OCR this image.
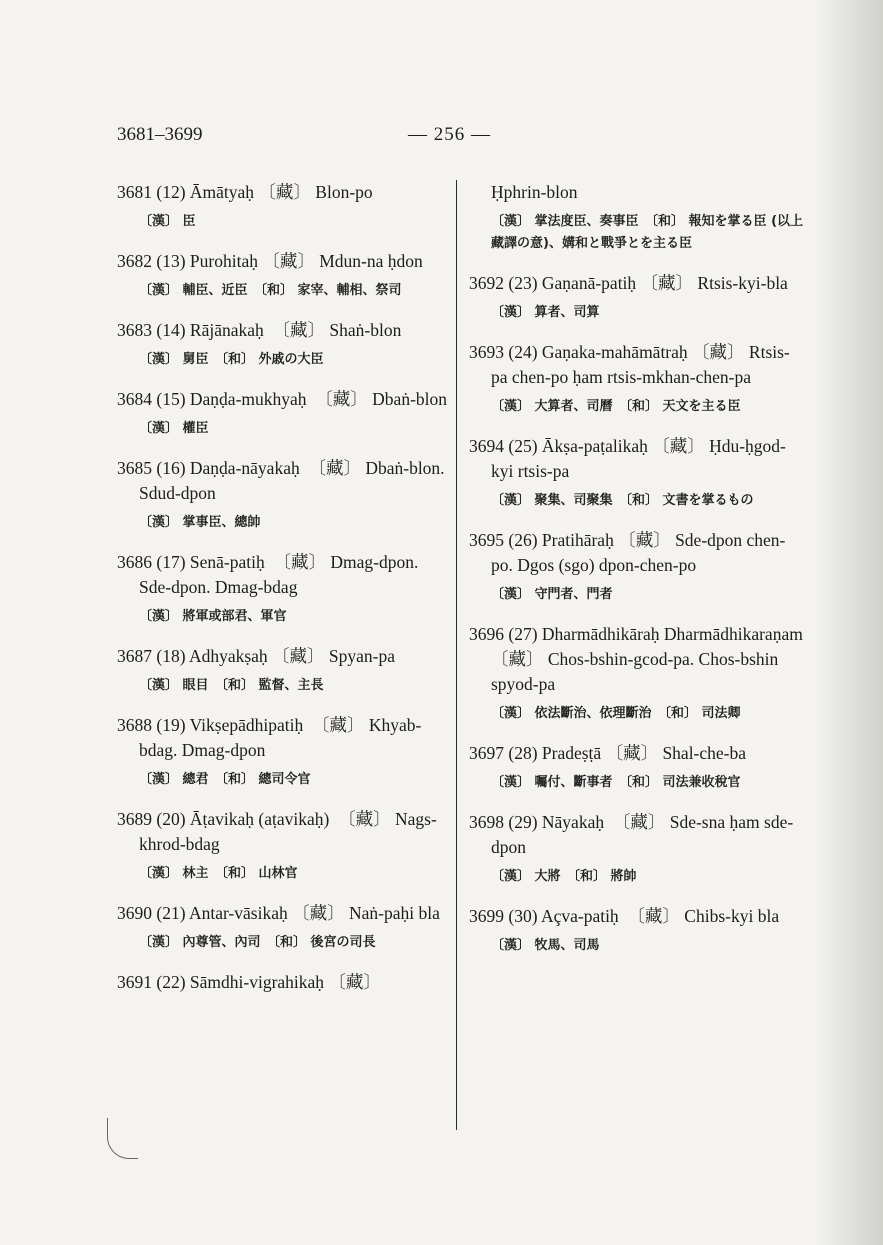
3681–3699	— 256 —
3681 (12) Āmātyaḥ 〔藏〕 Blon-po
〔漢〕 臣
3682 (13) Purohitaḥ 〔藏〕 Mdun-na ḥdon
〔漢〕 輔臣、近臣　〔和〕 家宰、輔相、祭司
3683 (14) Rājānakaḥ　〔藏〕 Shaṅ-blon
〔漢〕 舅臣　〔和〕 外戚の大臣
3684 (15) Daṇḍa-mukhyaḥ　〔藏〕 Dbaṅ-blon
〔漢〕 權臣
3685 (16) Daṇḍa-nāyakaḥ　〔藏〕 Dbaṅ-blon. Sdud-dpon
〔漢〕 掌事臣、總帥
3686 (17) Senā-patiḥ　〔藏〕 Dmag-dpon. Sde-dpon. Dmag-bdag
〔漢〕 將軍或部君、軍官
3687 (18) Adhyakṣaḥ 〔藏〕 Spyan-pa
〔漢〕 眼目　〔和〕 監督、主長
3688 (19) Vikṣepādhipatiḥ　〔藏〕 Khyab-bdag. Dmag-dpon
〔漢〕 總君　〔和〕 總司令官
3689 (20) Āṭavikaḥ (aṭavikaḥ)　〔藏〕 Nags-khrod-bdag
〔漢〕 林主　〔和〕 山林官
3690 (21) Antar-vāsikaḥ 〔藏〕 Naṅ-paḥi bla
〔漢〕 內尊管、內司　〔和〕 後宮の司長
3691 (22) Sāmdhi-vigrahikaḥ 〔藏〕
Ḥphrin-blon
〔漢〕 掌法度臣、奏事臣　〔和〕 報知を掌る臣 (以上藏譯の意)、媾和と戰爭とを主る臣
3692 (23) Gaṇanā-patiḥ 〔藏〕 Rtsis-kyi-bla
〔漢〕 算者、司算
3693 (24) Gaṇaka-mahāmātraḥ 〔藏〕 Rtsis-pa chen-po ḥam rtsis-mkhan-chen-pa
〔漢〕 大算者、司曆　〔和〕 天文を主る臣
3694 (25) Ākṣa-paṭalikaḥ 〔藏〕 Ḥdu-ḥgod-kyi rtsis-pa
〔漢〕 聚集、司聚集　〔和〕 文書を掌るもの
3695 (26) Pratihāraḥ 〔藏〕 Sde-dpon chen-po. Dgos (sgo) dpon-chen-po
〔漢〕 守門者、門者
3696 (27) Dharmādhikāraḥ Dharmādhikaraṇam 〔藏〕 Chos-bshin-gcod-pa. Chos-bshin spyod-pa
〔漢〕 依法斷治、依理斷治　〔和〕 司法卿
3697 (28) Pradeṣṭā 〔藏〕 Shal-che-ba
〔漢〕 囑付、斷事者　〔和〕 司法兼收稅官
3698 (29) Nāyakaḥ　〔藏〕 Sde-sna ḥam sde-dpon
〔漢〕 大將　〔和〕 將帥
3699 (30) Açva-patiḥ　〔藏〕 Chibs-kyi bla
〔漢〕 牧馬、司馬
